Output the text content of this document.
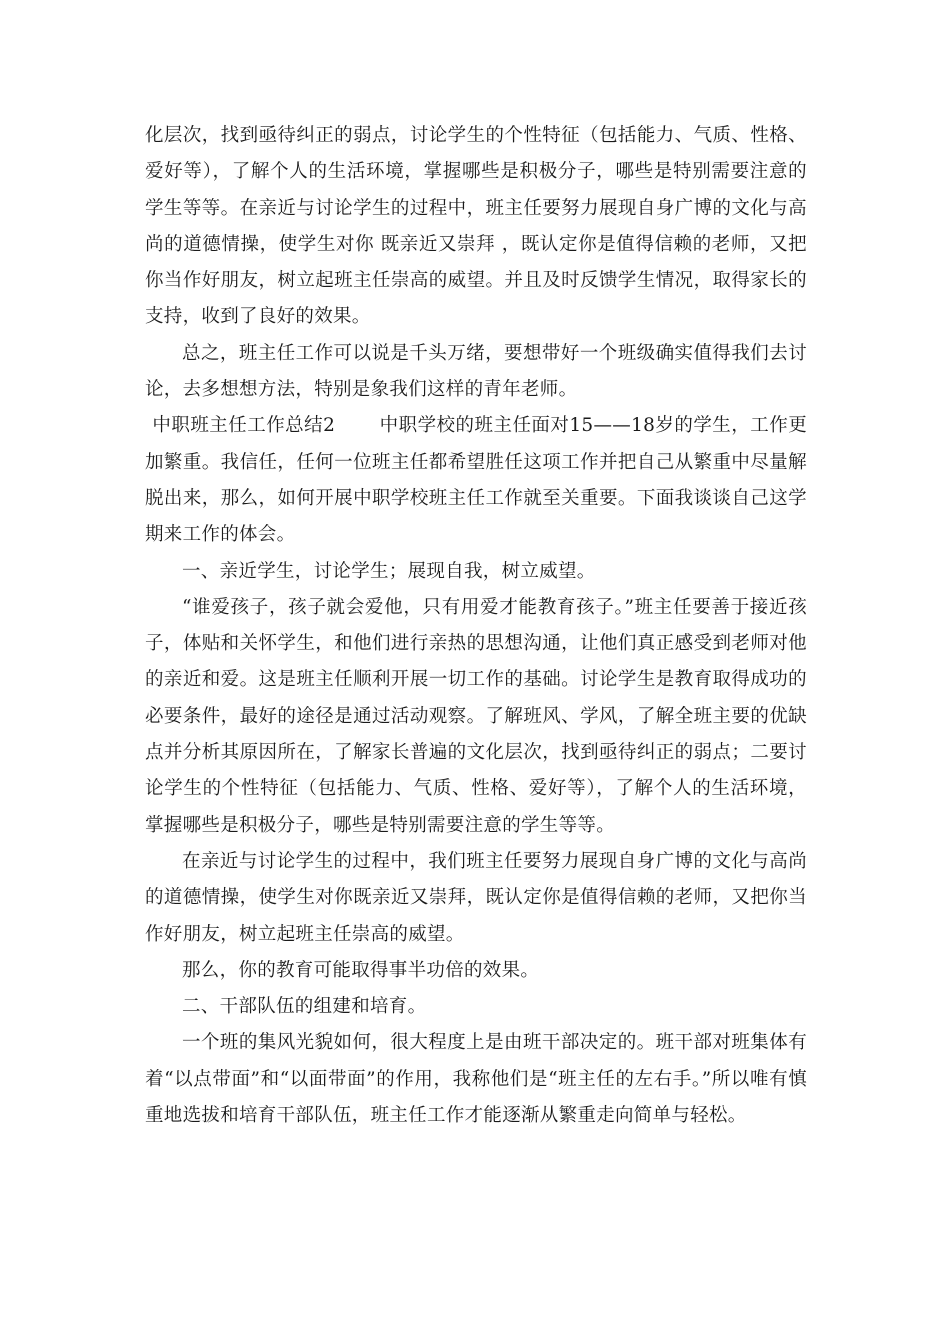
化层次，找到亟待纠正的弱点，讨论学生的个性特征（包括能力、气质、性格、爱好等），了解个人的生活环境，掌握哪些是积极分子，哪些是特别需要注意的学生等等。在亲近与讨论学生的过程中，班主任要努力展现自身广博的文化与高尚的道德情操，使学生对你 既亲近又崇拜 ，既认定你是值得信赖的老师，又把你当作好朋友，树立起班主任崇高的威望。并且及时反馈学生情况，取得家长的支持，收到了良好的效果。

总之，班主任工作可以说是千头万绪，要想带好一个班级确实值得我们去讨论，去多想想方法，特别是象我们这样的青年老师。

中职班主任工作总结2　　 中职学校的班主任面对15——18岁的学生，工作更加繁重。我信任，任何一位班主任都希望胜任这项工作并把自己从繁重中尽量解脱出来，那么，如何开展中职学校班主任工作就至关重要。下面我谈谈自己这学期来工作的体会。

一、亲近学生，讨论学生；展现自我，树立威望。

“谁爱孩子，孩子就会爱他，只有用爱才能教育孩子。”班主任要善于接近孩子，体贴和关怀学生，和他们进行亲热的思想沟通，让他们真正感受到老师对他的亲近和爱。这是班主任顺利开展一切工作的基础。讨论学生是教育取得成功的必要条件，最好的途径是通过活动观察。了解班风、学风，了解全班主要的优缺点并分析其原因所在，了解家长普遍的文化层次，找到亟待纠正的弱点；二要讨论学生的个性特征（包括能力、气质、性格、爱好等），了解个人的生活环境，掌握哪些是积极分子，哪些是特别需要注意的学生等等。

在亲近与讨论学生的过程中，我们班主任要努力展现自身广博的文化与高尚的道德情操，使学生对你既亲近又崇拜，既认定你是值得信赖的老师，又把你当作好朋友，树立起班主任崇高的威望。

那么，你的教育可能取得事半功倍的效果。

二、干部队伍的组建和培育。

一个班的集风光貌如何，很大程度上是由班干部决定的。班干部对班集体有着“以点带面”和“以面带面”的作用，我称他们是“班主任的左右手。”所以唯有慎重地选拔和培育干部队伍，班主任工作才能逐渐从繁重走向简单与轻松。
